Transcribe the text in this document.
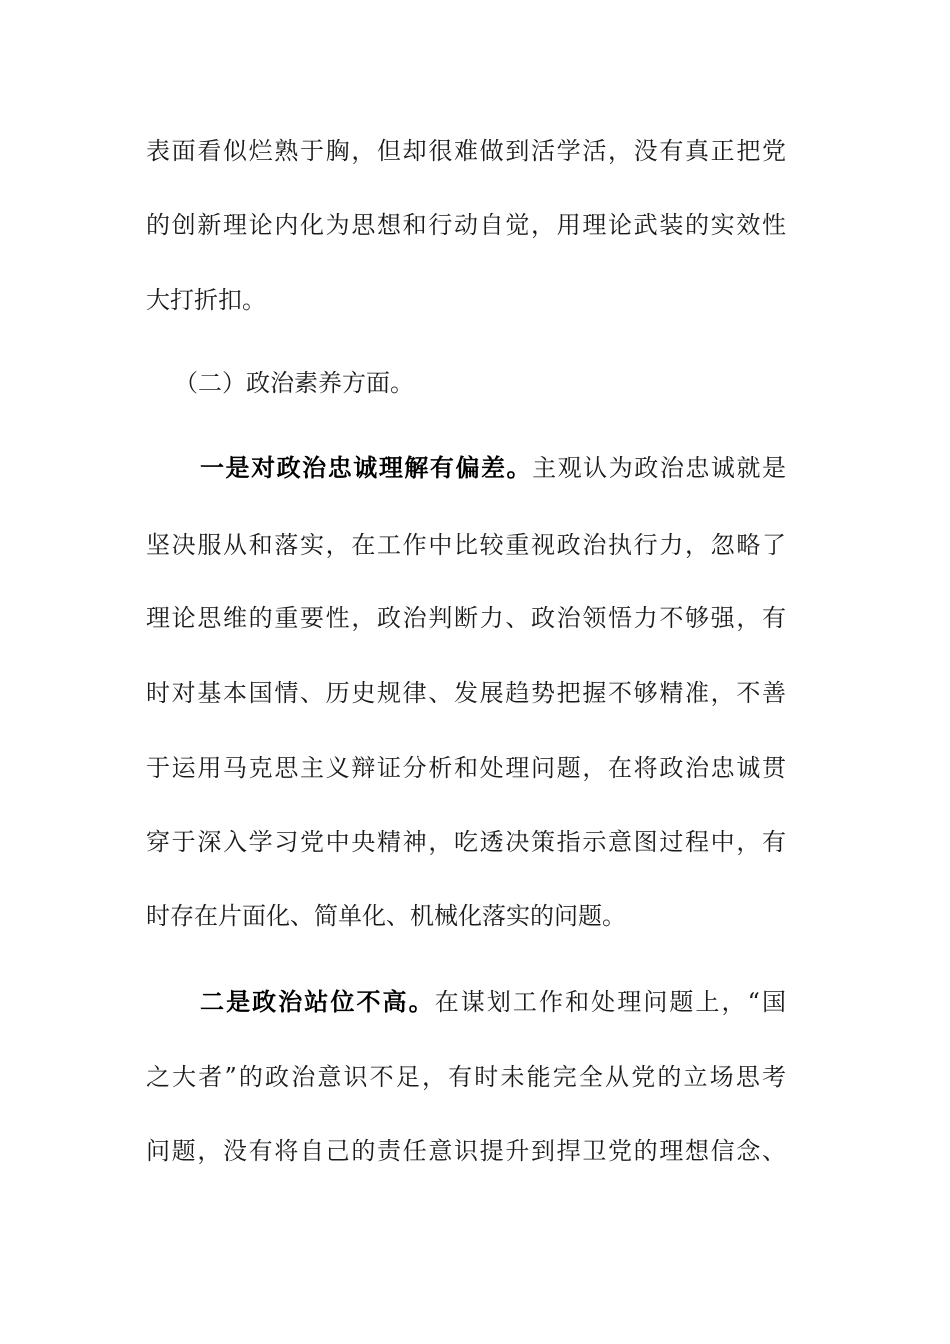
表面看似烂熟于胸，但却很难做到活学活，没有真正把党
的创新理论内化为思想和行动自觉，用理论武装的实效性
大打折扣。
（二）政治素养方面。
一是对政治忠诚理解有偏差。主观认为政治忠诚就是
坚决服从和落实，在工作中比较重视政治执行力，忽略了
理论思维的重要性，政治判断力、政治领悟力不够强，有
时对基本国情、历史规律、发展趋势把握不够精准，不善
于运用马克思主义辩证分析和处理问题，在将政治忠诚贯
穿于深入学习党中央精神，吃透决策指示意图过程中，有
时存在片面化、简单化、机械化落实的问题。
二是政治站位不高。在谋划工作和处理问题上，“国
之大者”的政治意识不足，有时未能完全从党的立场思考
问题，没有将自己的责任意识提升到捍卫党的理想信念、
